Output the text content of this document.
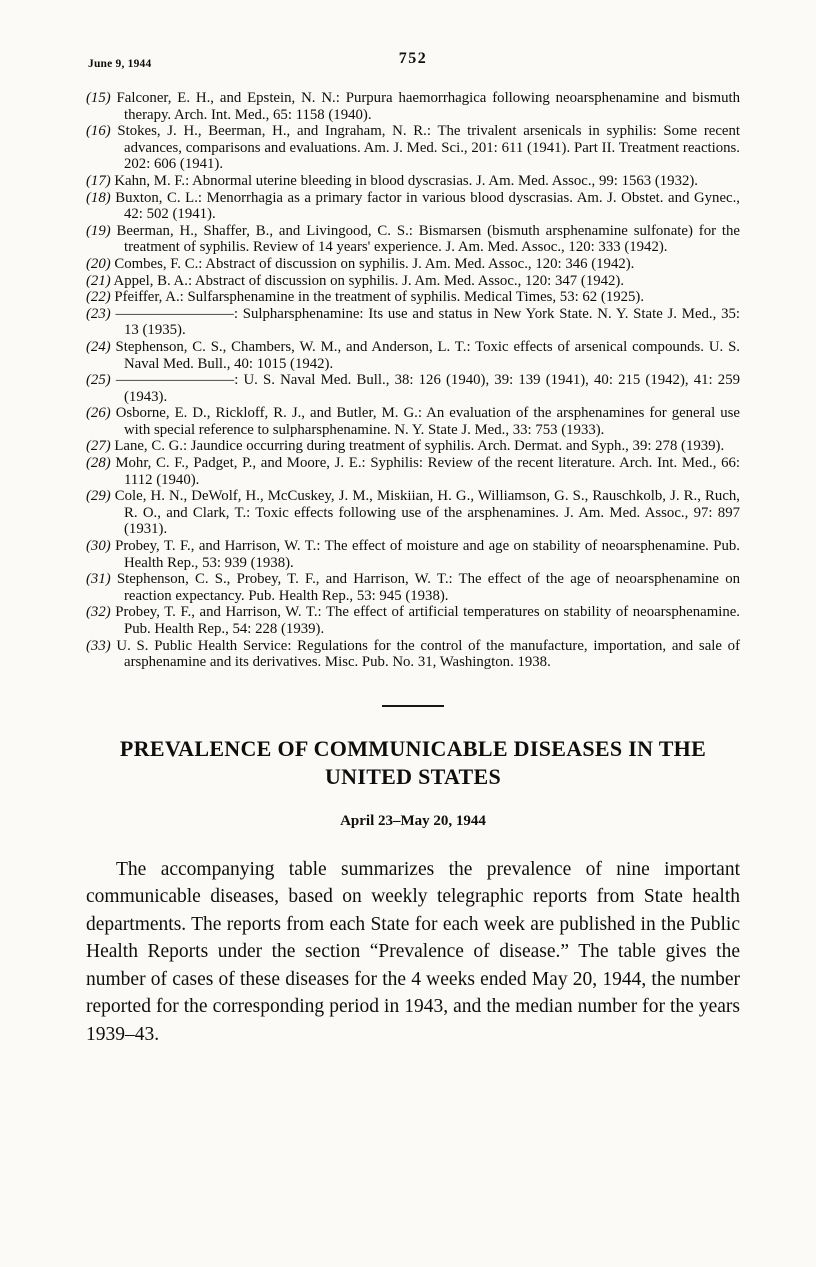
June 9, 1944	752
(15) Falconer, E. H., and Epstein, N. N.: Purpura haemorrhagica following neoarsphenamine and bismuth therapy. Arch. Int. Med., 65: 1158 (1940).
(16) Stokes, J. H., Beerman, H., and Ingraham, N. R.: The trivalent arsenicals in syphilis: Some recent advances, comparisons and evaluations. Am. J. Med. Sci., 201: 611 (1941). Part II. Treatment reactions. 202: 606 (1941).
(17) Kahn, M. F.: Abnormal uterine bleeding in blood dyscrasias. J. Am. Med. Assoc., 99: 1563 (1932).
(18) Buxton, C. L.: Menorrhagia as a primary factor in various blood dyscrasias. Am. J. Obstet. and Gynec., 42: 502 (1941).
(19) Beerman, H., Shaffer, B., and Livingood, C. S.: Bismarsen (bismuth arsphenamine sulfonate) for the treatment of syphilis. Review of 14 years' experience. J. Am. Med. Assoc., 120: 333 (1942).
(20) Combes, F. C.: Abstract of discussion on syphilis. J. Am. Med. Assoc., 120: 346 (1942).
(21) Appel, B. A.: Abstract of discussion on syphilis. J. Am. Med. Assoc., 120: 347 (1942).
(22) Pfeiffer, A.: Sulfarsphenamine in the treatment of syphilis. Medical Times, 53: 62 (1925).
(23) ————————: Sulpharsphenamine: Its use and status in New York State. N. Y. State J. Med., 35: 13 (1935).
(24) Stephenson, C. S., Chambers, W. M., and Anderson, L. T.: Toxic effects of arsenical compounds. U. S. Naval Med. Bull., 40: 1015 (1942).
(25) ————————: U. S. Naval Med. Bull., 38: 126 (1940), 39: 139 (1941), 40: 215 (1942), 41: 259 (1943).
(26) Osborne, E. D., Rickloff, R. J., and Butler, M. G.: An evaluation of the arsphenamines for general use with special reference to sulpharsphenamine. N. Y. State J. Med., 33: 753 (1933).
(27) Lane, C. G.: Jaundice occurring during treatment of syphilis. Arch. Dermat. and Syph., 39: 278 (1939).
(28) Mohr, C. F., Padget, P., and Moore, J. E.: Syphilis: Review of the recent literature. Arch. Int. Med., 66: 1112 (1940).
(29) Cole, H. N., DeWolf, H., McCuskey, J. M., Miskiian, H. G., Williamson, G. S., Rauschkolb, J. R., Ruch, R. O., and Clark, T.: Toxic effects following use of the arsphenamines. J. Am. Med. Assoc., 97: 897 (1931).
(30) Probey, T. F., and Harrison, W. T.: The effect of moisture and age on stability of neoarsphenamine. Pub. Health Rep., 53: 939 (1938).
(31) Stephenson, C. S., Probey, T. F., and Harrison, W. T.: The effect of the age of neoarsphenamine on reaction expectancy. Pub. Health Rep., 53: 945 (1938).
(32) Probey, T. F., and Harrison, W. T.: The effect of artificial temperatures on stability of neoarsphenamine. Pub. Health Rep., 54: 228 (1939).
(33) U. S. Public Health Service: Regulations for the control of the manufacture, importation, and sale of arsphenamine and its derivatives. Misc. Pub. No. 31, Washington. 1938.
PREVALENCE OF COMMUNICABLE DISEASES IN THE UNITED STATES
April 23–May 20, 1944

The accompanying table summarizes the prevalence of nine important communicable diseases, based on weekly telegraphic reports from State health departments. The reports from each State for each week are published in the Public Health Reports under the section “Prevalence of disease.” The table gives the number of cases of these diseases for the 4 weeks ended May 20, 1944, the number reported for the corresponding period in 1943, and the median number for the years 1939–43.
